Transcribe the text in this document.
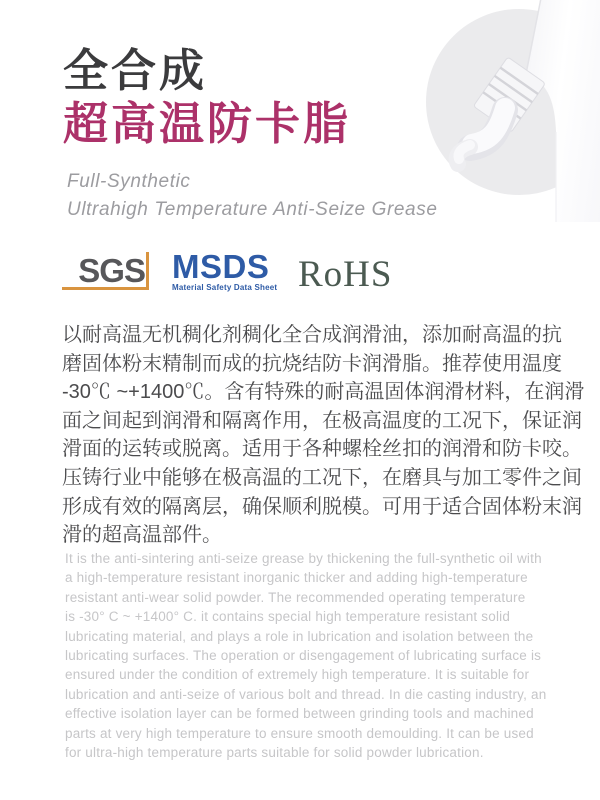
全合成
超高温防卡脂
Full-Synthetic
Ultrahigh Temperature Anti-Seize Grease
SGS MSDS
Material Safety Data Sheet RoHS
以耐高温无机稠化剂稠化全合成润滑油，添加耐高温的抗
磨固体粉末精制而成的抗烧结防卡润滑脂。推荐使用温度
-30℃ ~+1400℃。含有特殊的耐高温固体润滑材料，在润滑
面之间起到润滑和隔离作用，在极高温度的工况下，保证润
滑面的运转或脱离。适用于各种螺栓丝扣的润滑和防卡咬。
压铸行业中能够在极高温的工况下，在磨具与加工零件之间
形成有效的隔离层，确保顺利脱模。可用于适合固体粉末润
滑的超高温部件。
It is the anti-sintering anti-seize grease by thickening the full-synthetic oil with
a high-temperature resistant inorganic thicker and adding high-temperature
resistant anti-wear solid powder. The recommended operating temperature
is -30° C ~ +1400° C. it contains special high temperature resistant solid
lubricating material, and plays a role in lubrication and isolation between the
lubricating surfaces. The operation or disengagement of lubricating surface is
ensured under the condition of extremely high temperature. It is suitable for
lubrication and anti-seize of various bolt and thread. In die casting industry, an
effective isolation layer can be formed between grinding tools and machined
parts at very high temperature to ensure smooth demoulding. It can be used
for ultra-high temperature parts suitable for solid powder lubrication.
